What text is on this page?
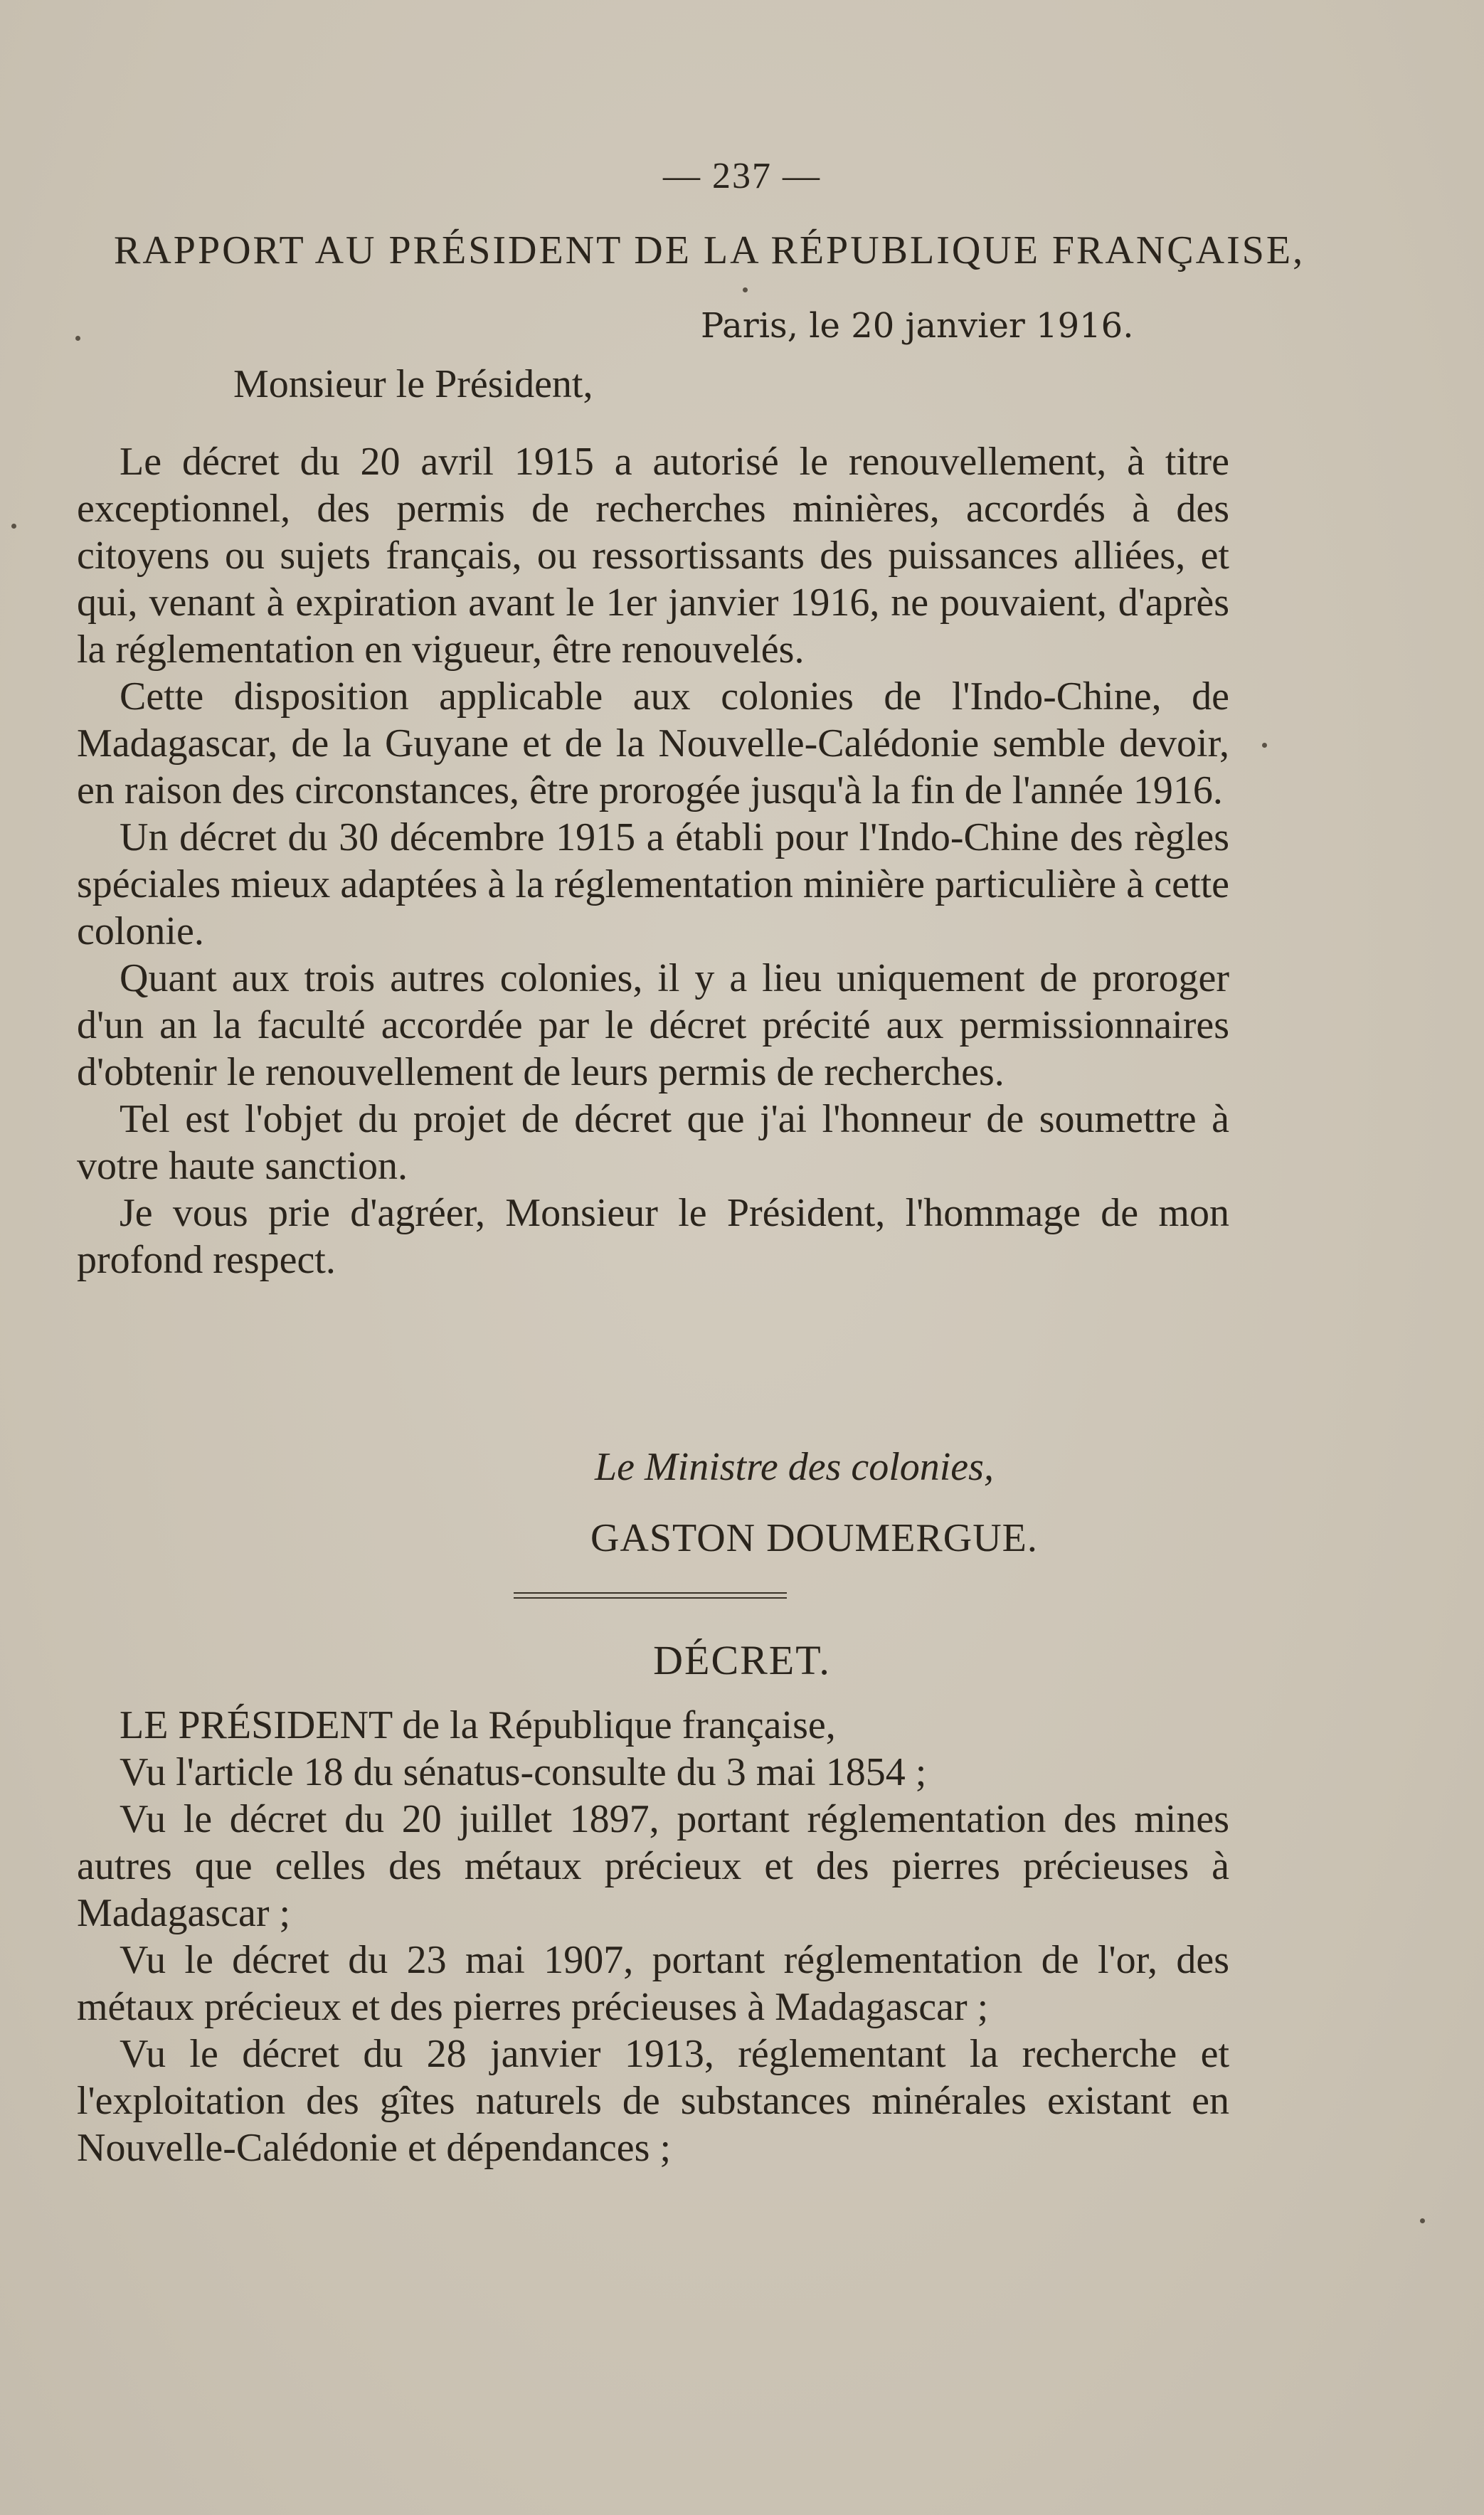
— 237 —
RAPPORT AU PRÉSIDENT DE LA RÉPUBLIQUE FRANÇAISE,
Paris, le 20 janvier 1916.
Monsieur le Président,

Le décret du 20 avril 1915 a autorisé le renouvellement, à titre exceptionnel, des permis de recherches minières, accordés à des citoyens ou sujets français, ou ressortissants des puissances alliées, et qui, venant à expiration avant le 1er janvier 1916, ne pouvaient, d'après la réglementation en vigueur, être renouvelés.

Cette disposition applicable aux colonies de l'Indo-Chine, de Madagascar, de la Guyane et de la Nouvelle-Calédonie semble devoir, en raison des circonstances, être prorogée jusqu'à la fin de l'année 1916.

Un décret du 30 décembre 1915 a établi pour l'Indo-Chine des règles spéciales mieux adaptées à la réglementation minière particulière à cette colonie.

Quant aux trois autres colonies, il y a lieu uniquement de proroger d'un an la faculté accordée par le décret précité aux permissionnaires d'obtenir le renouvellement de leurs permis de recherches.

Tel est l'objet du projet de décret que j'ai l'honneur de soumettre à votre haute sanction.

Je vous prie d'agréer, Monsieur le Président, l'hommage de mon profond respect.

Le Ministre des colonies,
GASTON DOUMERGUE.
DÉCRET.

LE PRÉSIDENT de la République française,

Vu l'article 18 du sénatus-consulte du 3 mai 1854 ;

Vu le décret du 20 juillet 1897, portant réglementation des mines autres que celles des métaux précieux et des pierres précieuses à Madagascar ;

Vu le décret du 23 mai 1907, portant réglementation de l'or, des métaux précieux et des pierres précieuses à Madagascar ;

Vu le décret du 28 janvier 1913, réglementant la recherche et l'exploitation des gîtes naturels de substances minérales existant en Nouvelle-Calédonie et dépendances ;
